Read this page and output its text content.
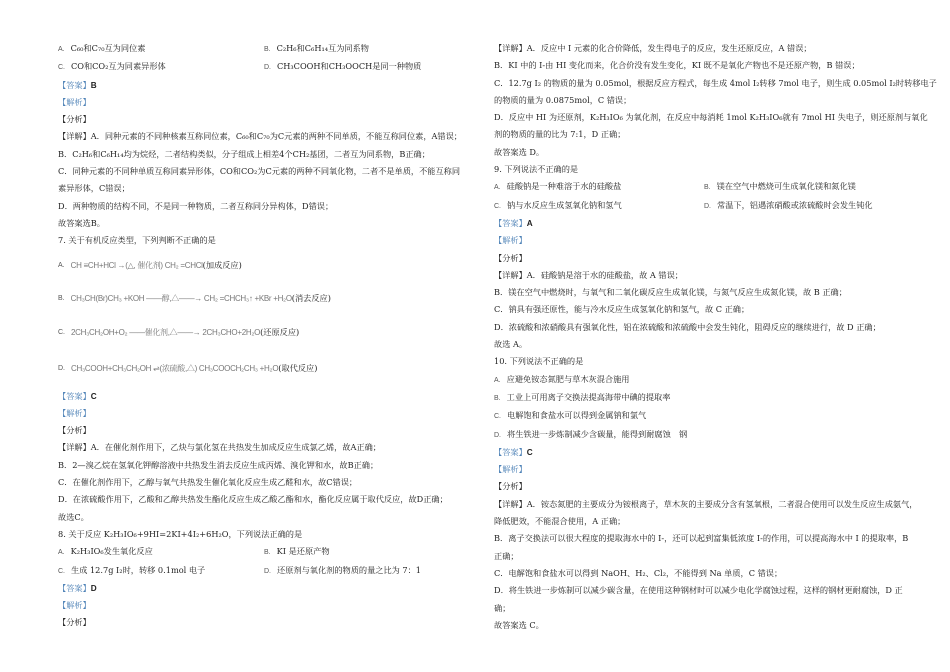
A. C₆₀和C₇₀互为同位素	B. C₂H₆和C₆H₁₄互为同系物
C. CO和CO₂互为同素异形体	D. CH₃COOH和CH₃OOCH是同一种物质
【答案】B
【解析】
【分析】
【详解】A．同种元素的不同种核素互称同位素，C₆₀和C₇₀为C元素的两种不同单质，不能互称同位素，A错误；
B．C₂H₆和C₆H₁₄均为烷烃，二者结构类似，分子组成上相差4个CH₂基团，二者互为同系物，B正确；
C．同种元素的不同种单质互称同素异形体，CO和CO₂为C元素的两种不同氧化物，二者不是单质，不能互称同
素异形体，C错误；
D．两种物质的结构不同，不是同一种物质，二者互称同分异构体，D错误；
故答案选B。
7. 关于有机反应类型，下列判断不正确的是
A. CH ≡CH+HCl →(△, 催化剂) CH₂ =CHCl (加成反应)
B. CH₃CH(Br)CH₃ +KOH ——醇,△——→ CH₂ =CHCH₃↑ +KBr +H₂O (消去反应)
C. 2CH₃CH₂OH+O₂ ——催化剂,△——→ 2CH₃CHO+2H₂O (还原反应)
D. CH₃COOH+CH₃CH₂OH ⇌(浓硫酸,△) CH₃COOCH₂CH₃ +H₂O (取代反应)
【答案】C
【解析】
【分析】
【详解】A．在催化剂作用下，乙炔与氯化氢在共热发生加成反应生成氯乙烯，故A正确；
B．2—溴乙烷在氢氧化钾醇溶液中共热发生消去反应生成丙烯、溴化钾和水，故B正确；
C．在催化剂作用下，乙醇与氧气共热发生催化氧化反应生成乙醛和水，故C错误；
D．在浓硫酸作用下，乙酸和乙醇共热发生酯化反应生成乙酸乙酯和水，酯化反应属于取代反应，故D正确；
故选C。
8. 关于反应 K₂H₃IO₆+9HI=2KI+4I₂+6H₂O，下列说法正确的是
A. K₂H₃IO₆发生氧化反应	B. KI 是还原产物
C. 生成 12.7g I₂时，转移 0.1mol 电子	D. 还原剂与氧化剂的物质的量之比为 7：1
【答案】D
【解析】
【分析】
【详解】A．反应中 I 元素的化合价降低，发生得电子的反应，发生还原反应，A 错误；
B．KI 中的 I-由 HI 变化而来，化合价没有发生变化，KI 既不是氧化产物也不是还原产物，B 错误；
C．12.7g I₂ 的物质的量为 0.05mol，根据反应方程式，每生成 4mol I₂转移 7mol 电子，则生成 0.05mol I₂时转移电子
的物质的量为 0.0875mol，C 错误；
D．反应中 HI 为还原剂，K₂H₃IO₆ 为氧化剂，在反应中每消耗 1mol K₂H₃IO₆就有 7mol HI 失电子，则还原剂与氧化
剂的物质的量的比为 7:1，D 正确；
故答案选 D。
9. 下列说法不正确的是
A. 硅酸钠是一种难溶于水的硅酸盐	B. 镁在空气中燃烧可生成氧化镁和氮化镁
C. 钠与水反应生成氢氧化钠和氢气	D. 常温下，铝遇浓硝酸或浓硫酸时会发生钝化
【答案】A
【解析】
【分析】
【详解】A．硅酸钠是溶于水的硅酸盐，故 A 错误；
B．镁在空气中燃烧时，与氧气和二氧化碳反应生成氧化镁，与氮气反应生成氮化镁，故 B 正确；
C．钠具有强还原性，能与冷水反应生成氢氧化钠和氢气，故 C 正确；
D．浓硫酸和浓硝酸具有强氧化性，铝在浓硫酸和浓硫酸中会发生钝化，阻碍反应的继续进行，故 D 正确；
故选 A。
10. 下列说法不正确的是
A. 应避免铵态氮肥与草木灰混合施用
B. 工业上可用离子交换法提高海带中碘的提取率
C. 电解饱和食盐水可以得到金属钠和氯气
D. 将生铁进一步炼制减少含碳量，能得到耐腐蚀　钢
【答案】C
【解析】
【分析】
【详解】A．铵态氮肥的主要成分为铵根离子，草木灰的主要成分含有氢氧根，二者混合使用可以发生反应生成氨气，
降低肥效，不能混合使用，A 正确；
B．离子交换法可以很大程度的提取海水中的 I-，还可以起到富集低浓度 I-的作用，可以提高海水中 I 的提取率，B
正确；
C．电解饱和食盐水可以得到 NaOH、H₂、Cl₂，不能得到 Na 单质，C 错误；
D．将生铁进一步炼制可以减少碳含量，在使用这种钢材时可以减少电化学腐蚀过程，这样的钢材更耐腐蚀，D 正
确；
故答案选 C。
